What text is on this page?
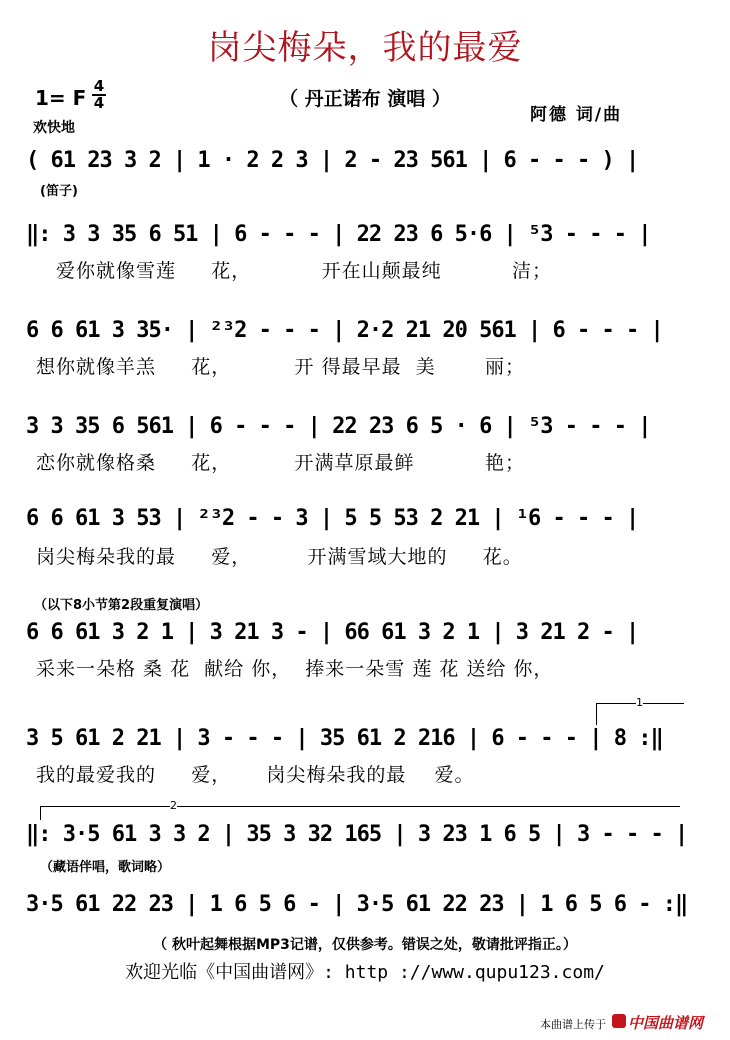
岗尖梅朵，我的最爱
1= F 4
4	（ 丹正诺布 演唱 ）
阿德 词/曲
欢快地
( 61 23 3 2 | 1 · 2 2 3 | 2 - 23 561 | 6 - - - ) |
(笛子)
‖: 3 3 35 6 51 | 6 - - - | 22 23 6 5·6 | ⁵3 - - - |
爱你就像雪莲     花，          开在山颠最纯          洁；
6 6 61 3 35· | ²³2 - - - | 2·2 21 20 561 | 6 - - - |
想你就像羊羔     花，         开 得最早最  美       丽；
3 3 35 6 561 | 6 - - - | 22 23 6 5 · 6 | ⁵3 - - - |
恋你就像格桑     花，         开满草原最鲜          艳；
6 6 61 3 53 | ²³2 - - 3 | 5 5 53 2 21 | ¹6 - - - |
岗尖梅朵我的最     爱，        开满雪域大地的     花。
（以下8小节第2段重复演唱）
6 6 61 3 2 1 | 3 21 3 - | 66 61 3 2 1 | 3 21 2 - |
采来一朵格 桑 花  献给 你，  捧来一朵雪 莲 花 送给 你，
1
3 5 61 2 21 | 3 - - - | 35 61 2 216 | 6 - - - | 8 :‖
我的最爱我的     爱，     岗尖梅朵我的最    爱。
2
‖: 3·5 61 3 3 2 | 35 3 32 165 | 3 23 1 6 5 | 3 - - - |
（藏语伴唱，歌词略）
3·5 61 22 23 | 1 6 5 6 - | 3·5 61 22 23 | 1 6 5 6 - :‖
（ 秋叶起舞根据MP3记谱，仅供参考。错误之处，敬请批评指正。）
欢迎光临《中国曲谱网》: http ://www.qupu123.com/
本曲谱上传于 中国曲谱网
